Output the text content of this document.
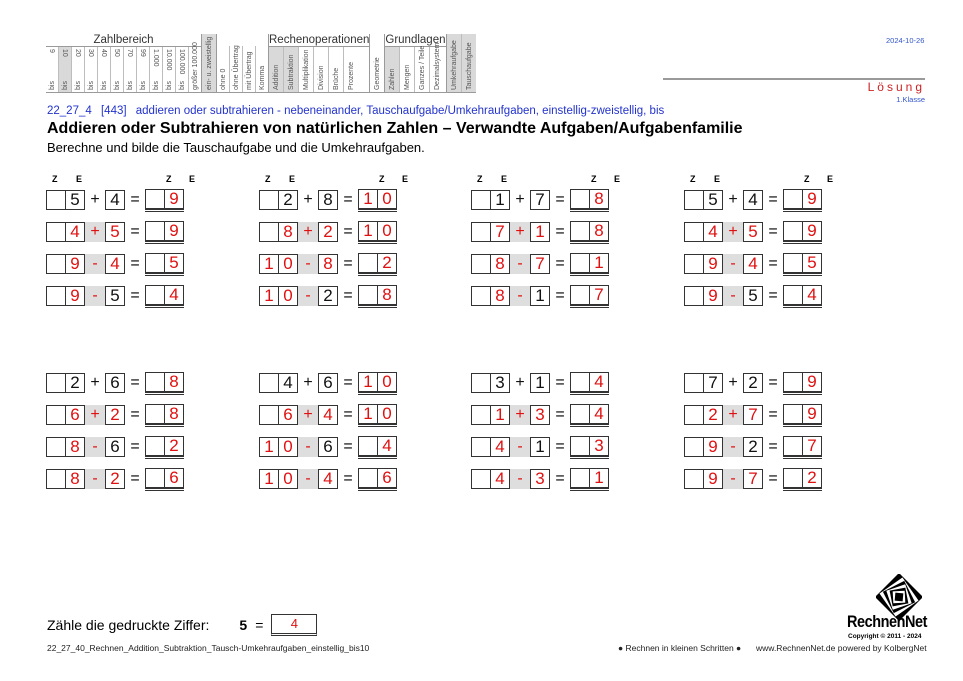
Zahlbereich
9
bis
10
bis
20
bis
30
bis
40
bis
50
bis
70
bis
99
bis
1.000
bis
10.000
bis
100.000
bis größer 100.000 ein- u. zweistellig ohne 0 ohne Übertrag mit Übertrag Komma
Rechenoperationen
Addition Subtraktion Multiplikation Division Brüche Prozente	Geometrie
Grundlagen
Zahlen Mengen Ganzes / Teile Dezimalsystem Umkehraufgabe Tauschaufgabe
2024-10-26
Lösung
1.Klasse
22_27_4 [443] addieren oder subtrahieren - nebeneinander, Tauschaufgabe/Umkehraufgaben, einstellig-zweistellig, bis
Addieren oder Subtrahieren von natürlichen Zahlen – Verwandte Aufgaben/Aufgabenfamilie
Berechne und bilde die Tauschaufgabe und die Umkehraufgaben.
Z E	Z E
5 + 4 =	9
4 + 5 =	9
9 - 4 =	5
9 - 5 =	4
Z E	Z E
2 + 8 = 1 0
8 + 2 = 1 0
1 0 - 8 =	2
1 0 - 2 =	8
Z E	Z E
1 + 7 =	8
7 + 1 =	8
8 - 7 =	1
8 - 1 =	7
Z E	Z E
5 + 4 =	9
4 + 5 =	9
9 - 4 =	5
9 - 5 =	4
2 + 6 =	8
6 + 2 =	8
8 - 6 =	2
8 - 2 =	6
4 + 6 = 1 0
6 + 4 = 1 0
1 0 - 6 =	4
1 0 - 4 =	6
3 + 1 =	4
1 + 3 =	4
4 - 1 =	3
4 - 3 =	1
7 + 2 =	9
2 + 7 =	9
9 - 2 =	7
9 - 7 =	2
Zähle die gedruckte Ziffer: 5 =	4
22_27_40_Rechnen_Addition_Subtraktion_Tausch-Umkehraufgaben_einstellig_bis10	● Rechnen in kleinen Schritten ● www.RechnenNet.de powered by KolbergNet
RechnenNet
Copyright © 2011 - 2024
